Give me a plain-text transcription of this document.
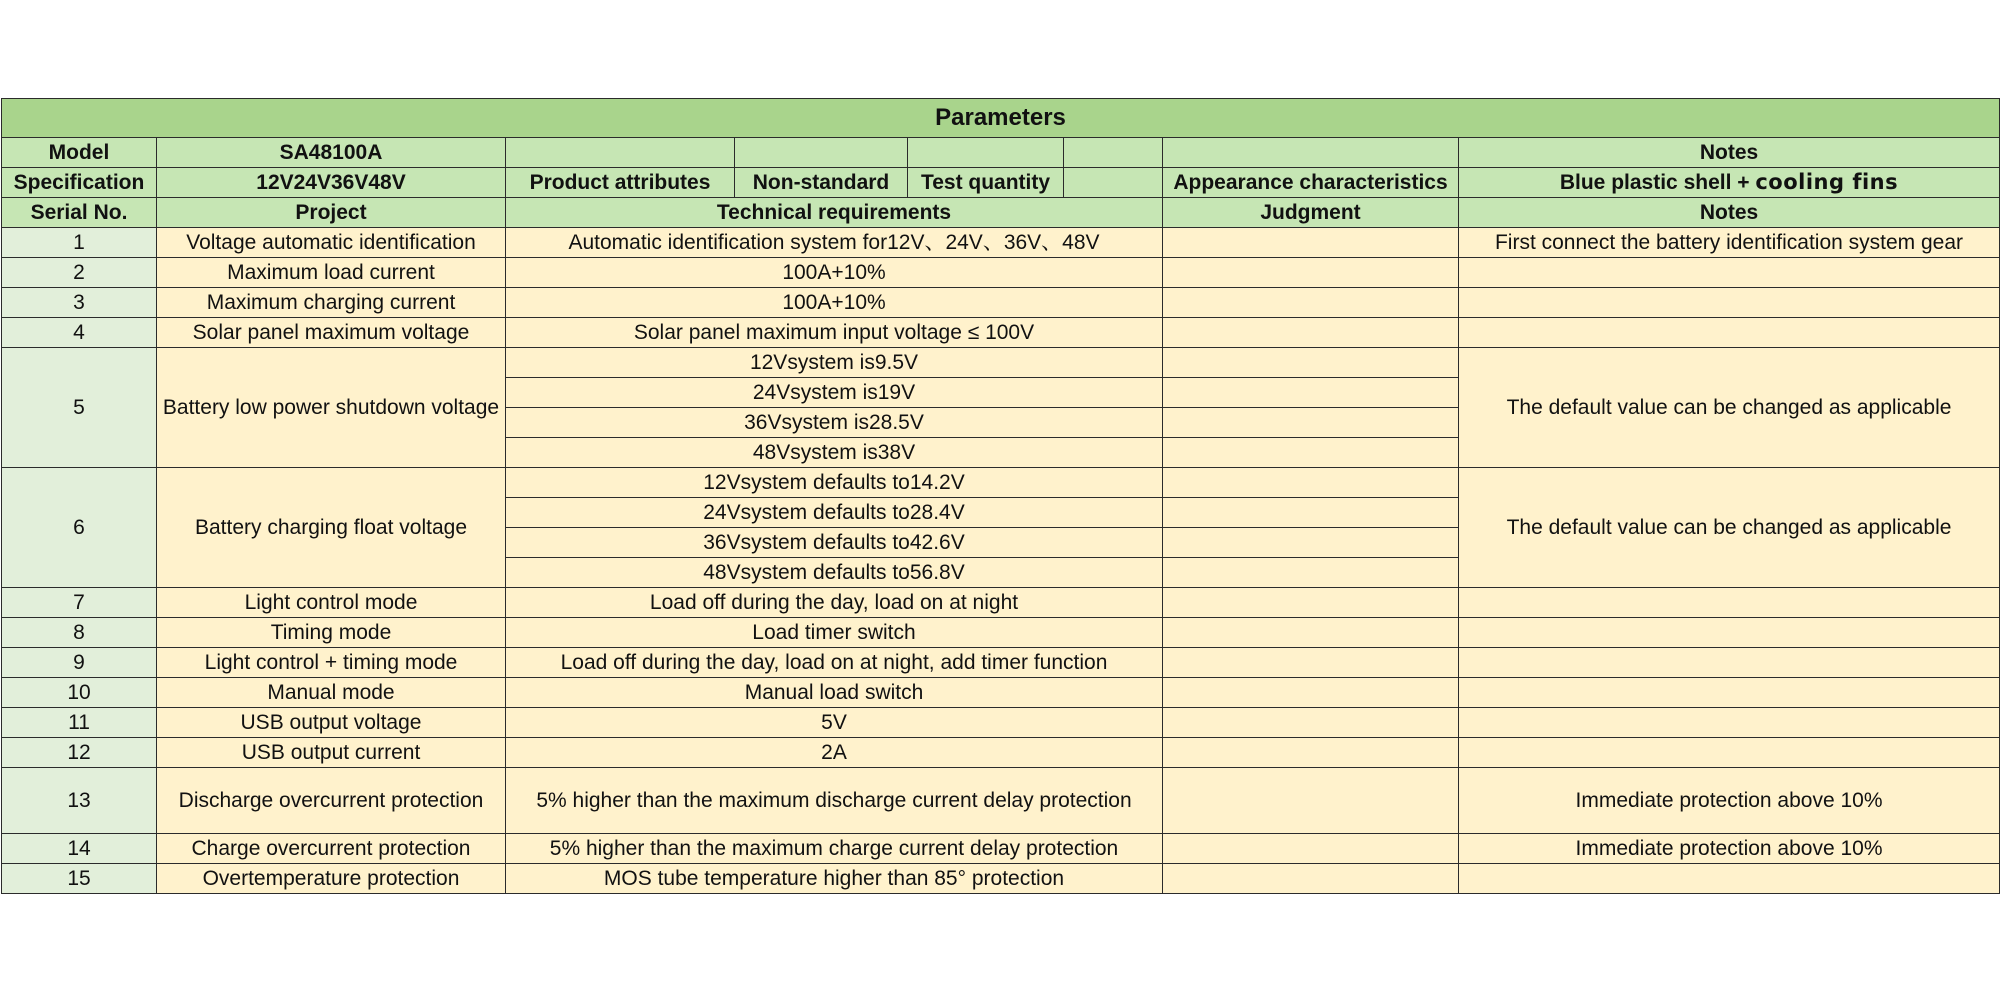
Parameters							
Model	SA48100A						Notes
Specification	12V24V36V48V	Product attributes	Non-standard	Test quantity		Appearance characteristics	Blue plastic shell + cooling fins
Serial No.	Project	Technical requirements				Judgment	Notes
1	Voltage automatic identification	Automatic identification system for12V、24V、36V、48V					First connect the battery identification system gear
2	Maximum load current	100A+10%					
3	Maximum charging current	100A+10%					
4	Solar panel maximum voltage	Solar panel maximum input voltage ≤ 100V					
5	Battery low power shutdown voltage	12Vsystem is9.5V					The default value can be changed as applicable
		24Vsystem is19V					
		36Vsystem is28.5V					
		48Vsystem is38V					
6	Battery charging float voltage	12Vsystem defaults to14.2V					The default value can be changed as applicable
		24Vsystem defaults to28.4V					
		36Vsystem defaults to42.6V					
		48Vsystem defaults to56.8V					
7	Light control mode	Load off during the day, load on at night					
8	Timing mode	Load timer switch					
9	Light control + timing mode	Load off during the day, load on at night, add timer function					
10	Manual mode	Manual load switch					
11	USB output voltage	5V					
12	USB output current	2A					
13	Discharge overcurrent protection	5% higher than the maximum discharge current delay protection					Immediate protection above 10%
14	Charge overcurrent protection	5% higher than the maximum charge current delay protection					Immediate protection above 10%
15	Overtemperature protection	MOS tube temperature higher than 85° protection					
